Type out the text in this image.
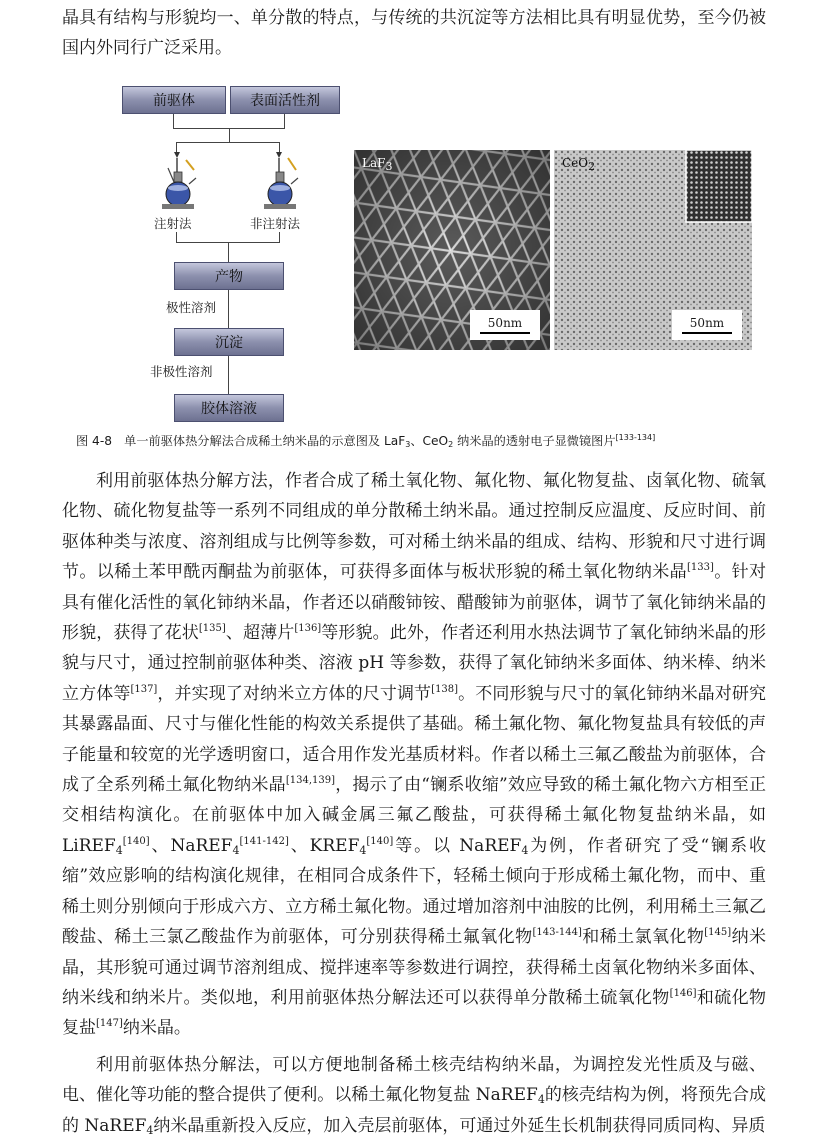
晶具有结构与形貌均一、单分散的特点，与传统的共沉淀等方法相比具有明显优势，至今仍被国内外同行广泛采用。

前驱体	表面活性剂
注射法	非注射法
产物
极性溶剂
沉淀
非极性溶剂
胶体溶液
LaF3
50nm
CeO2
50nm
图 4-8　单一前驱体热分解法合成稀土纳米晶的示意图及 LaF3、CeO2 纳米晶的透射电子显微镜图片[133-134]

利用前驱体热分解方法，作者合成了稀土氧化物、氟化物、氟化物复盐、卤氧化物、硫氧化物、硫化物复盐等一系列不同组成的单分散稀土纳米晶。通过控制反应温度、反应时间、前驱体种类与浓度、溶剂组成与比例等参数，可对稀土纳米晶的组成、结构、形貌和尺寸进行调节。以稀土苯甲酰丙酮盐为前驱体，可获得多面体与板状形貌的稀土氧化物纳米晶[133]。针对具有催化活性的氧化铈纳米晶，作者还以硝酸铈铵、醋酸铈为前驱体，调节了氧化铈纳米晶的形貌，获得了花状[135]、超薄片[136]等形貌。此外，作者还利用水热法调节了氧化铈纳米晶的形貌与尺寸，通过控制前驱体种类、溶液 pH 等参数，获得了氧化铈纳米多面体、纳米棒、纳米立方体等[137]，并实现了对纳米立方体的尺寸调节[138]。不同形貌与尺寸的氧化铈纳米晶对研究其暴露晶面、尺寸与催化性能的构效关系提供了基础。稀土氟化物、氟化物复盐具有较低的声子能量和较宽的光学透明窗口，适合用作发光基质材料。作者以稀土三氟乙酸盐为前驱体，合成了全系列稀土氟化物纳米晶[134,139]，揭示了由“镧系收缩”效应导致的稀土氟化物六方相至正交相结构演化。在前驱体中加入碱金属三氟乙酸盐，可获得稀土氟化物复盐纳米晶，如 LiREF$_4$[140]、NaREF$_4$[141-142]、$KREF_4[140]$等。以 NaREF$_4$为例，作者研究了受“镧系收缩”效应影响的结构演化规律，在相同合成条件下，轻稀土倾向于形成稀土氟化物，而中、重稀土则分别倾向于形成六方、立方稀土氟化物。通过增加溶剂中油胺的比例，利用稀土三氟乙酸盐、稀土三氯乙酸盐作为前驱体，可分别获得稀土氟氧化物[143-144]和稀土氯氧化物[145]纳米晶，其形貌可通过调节溶剂组成、搅拌速率等参数进行调控，获得稀土卤氧化物纳米多面体、纳米线和纳米片。类似地，利用前驱体热分解法还可以获得单分散稀土硫氧化物[146]和硫化物复盐[147]纳米晶。

利用前驱体热分解法，可以方便地制备稀土核壳结构纳米晶，为调控发光性质及与磁、电、催化等功能的整合提供了便利。以稀土氟化物复盐 NaREF$_4$的核壳结构为例，将预先合成的 NaREF$_4$纳米晶重新投入反应，加入壳层前驱体，可通过外延生长机制获得同质同构、异质
